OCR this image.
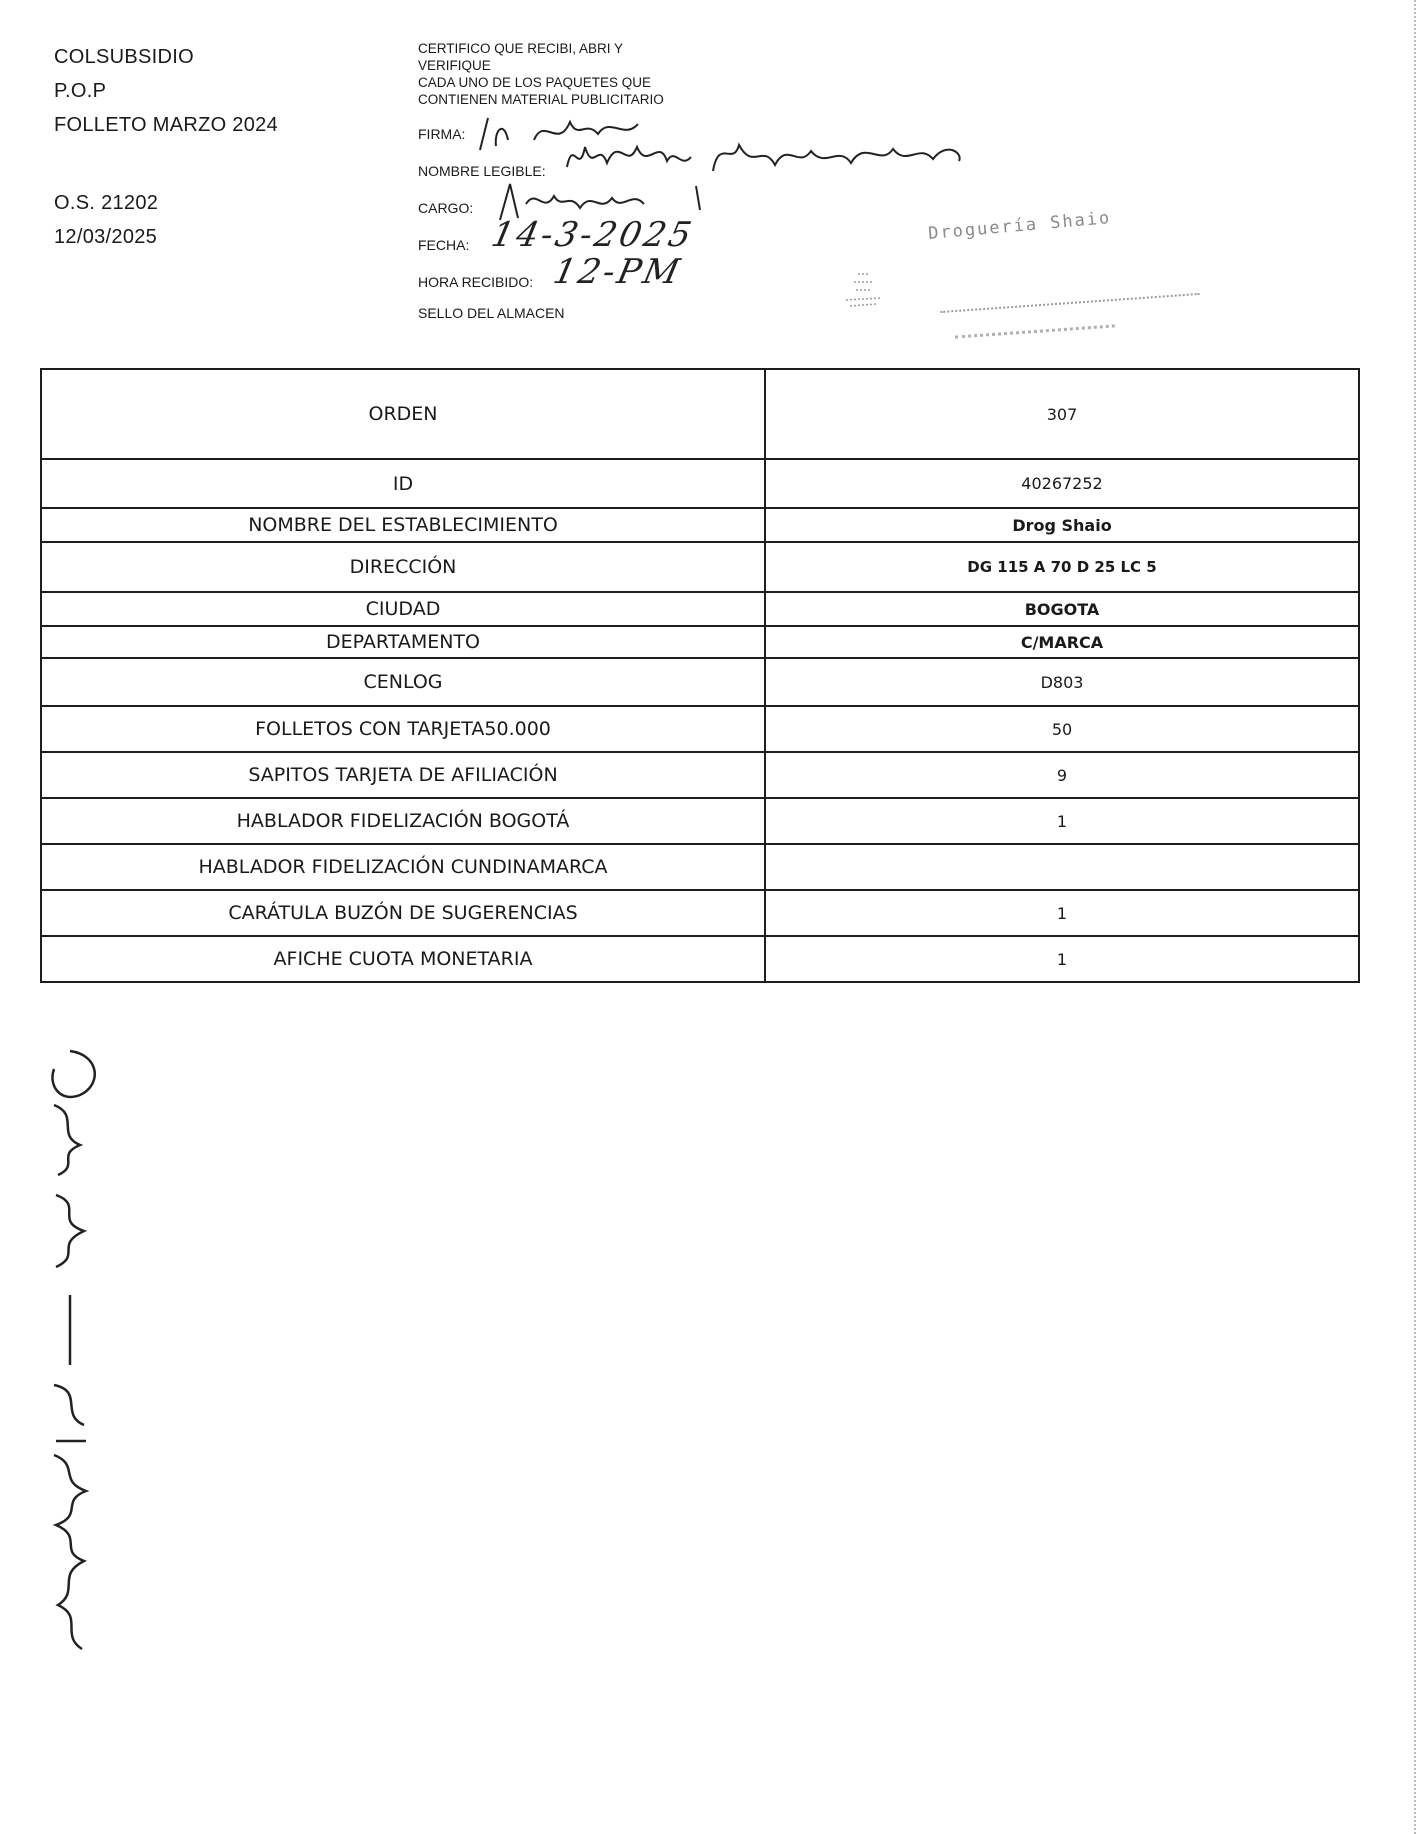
COLSUBSIDIO
P.O.P
FOLLETO MARZO 2024
O.S. 21202
12/03/2025
CERTIFICO QUE RECIBI, ABRI Y
VERIFIQUE
CADA UNO DE LOS PAQUETES QUE
CONTIENEN MATERIAL PUBLICITARIO
FIRMA:
NOMBRE LEGIBLE:
CARGO:
FECHA: 14-3-2025
HORA RECIBIDO: 12-PM
SELLO DEL ALMACEN
Droguería Shaio
ORDEN	307
ID	40267252
NOMBRE DEL ESTABLECIMIENTO	Drog Shaio
DIRECCIÓN	DG 115 A 70 D 25 LC 5
CIUDAD	BOGOTA
DEPARTAMENTO	C/MARCA
CENLOG	D803
FOLLETOS CON TARJETA50.000	50
SAPITOS TARJETA DE AFILIACIÓN	9
HABLADOR FIDELIZACIÓN BOGOTÁ	1
HABLADOR FIDELIZACIÓN CUNDINAMARCA	
CARÁTULA BUZÓN DE SUGERENCIAS	1
AFICHE CUOTA MONETARIA	1
